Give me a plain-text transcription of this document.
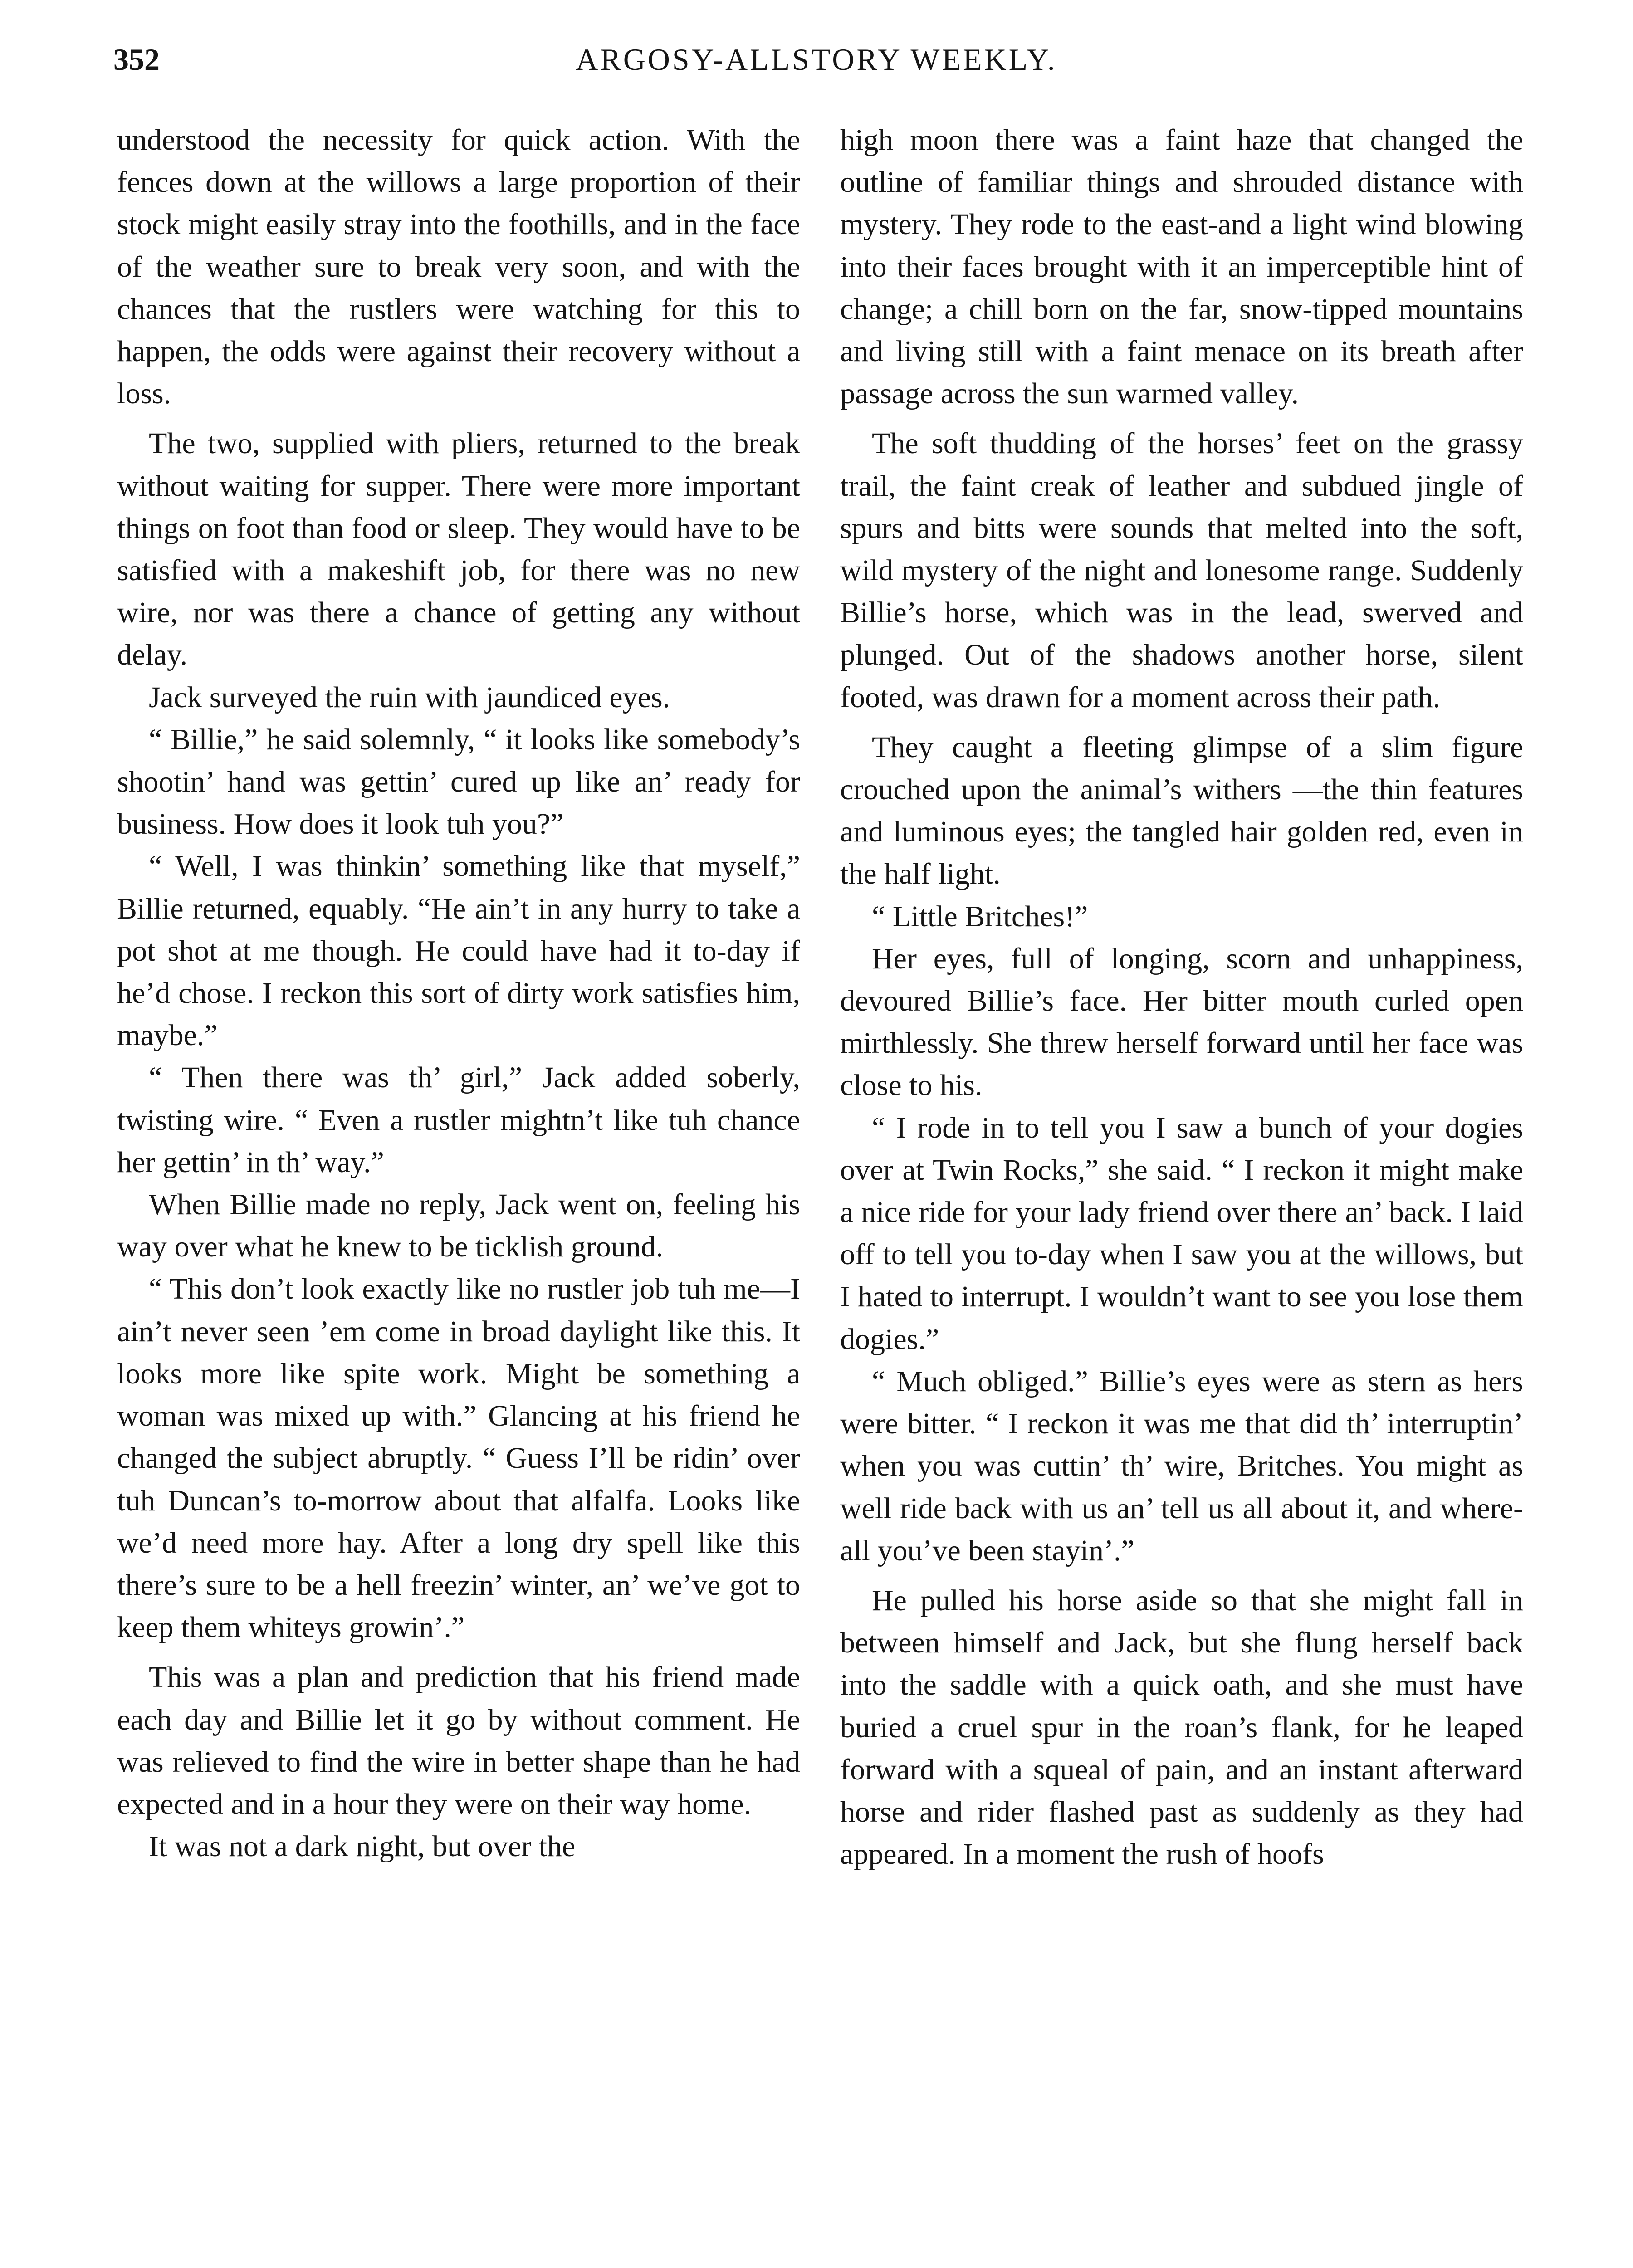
352	ARGOSY-ALLSTORY WEEKLY.

understood the necessity for quick action. With the fences down at the willows a large proportion of their stock might easily stray into the foothills, and in the face of the weather sure to break very soon, and with the chances that the rustlers were watching for this to happen, the odds were against their recovery without a loss.

The two, supplied with pliers, returned to the break without waiting for supper. There were more important things on foot than food or sleep. They would have to be satisfied with a makeshift job, for there was no new wire, nor was there a chance of getting any without delay.

Jack surveyed the ruin with jaundiced eyes.

“ Billie,” he said solemnly, “ it looks like somebody’s shootin’ hand was gettin’ cured up like an’ ready for business. How does it look tuh you?”

“ Well, I was thinkin’ something like that myself,” Billie returned, equably. “He ain’t in any hurry to take a pot shot at me though. He could have had it to-day if he’d chose. I reckon this sort of dirty work satisfies him, maybe.”

“ Then there was th’ girl,” Jack added soberly, twisting wire. “ Even a rustler mightn’t like tuh chance her gettin’ in th’ way.”

When Billie made no reply, Jack went on, feeling his way over what he knew to be ticklish ground.

“ This don’t look exactly like no rustler job tuh me—I ain’t never seen ’em come in broad daylight like this. It looks more like spite work. Might be something a woman was mixed up with.” Glancing at his friend he changed the subject abruptly. “ Guess I’ll be ridin’ over tuh Duncan’s to-morrow about that alfalfa. Looks like we’d need more hay. After a long dry spell like this there’s sure to be a hell freezin’ winter, an’ we’ve got to keep them whiteys growin’.”

This was a plan and prediction that his friend made each day and Billie let it go by without comment. He was relieved to find the wire in better shape than he had expected and in a hour they were on their way home.

It was not a dark night, but over the

high moon there was a faint haze that changed the outline of familiar things and shrouded distance with mystery. They rode to the east-and a light wind blowing into their faces brought with it an imperceptible hint of change; a chill born on the far, snow-tipped mountains and living still with a faint menace on its breath after passage across the sun warmed valley.

The soft thudding of the horses’ feet on the grassy trail, the faint creak of leather and subdued jingle of spurs and bitts were sounds that melted into the soft, wild mystery of the night and lonesome range. Suddenly Billie’s horse, which was in the lead, swerved and plunged. Out of the shadows another horse, silent footed, was drawn for a moment across their path.

They caught a fleeting glimpse of a slim figure crouched upon the animal’s withers —the thin features and luminous eyes; the tangled hair golden red, even in the half light.

“ Little Britches!”

Her eyes, full of longing, scorn and unhappiness, devoured Billie’s face. Her bitter mouth curled open mirthlessly. She threw herself forward until her face was close to his.

“ I rode in to tell you I saw a bunch of your dogies over at Twin Rocks,” she said. “ I reckon it might make a nice ride for your lady friend over there an’ back. I laid off to tell you to-day when I saw you at the willows, but I hated to interrupt. I wouldn’t want to see you lose them dogies.”

“ Much obliged.” Billie’s eyes were as stern as hers were bitter. “ I reckon it was me that did th’ interruptin’ when you was cuttin’ th’ wire, Britches. You might as well ride back with us an’ tell us all about it, and where-all you’ve been stayin’.”

He pulled his horse aside so that she might fall in between himself and Jack, but she flung herself back into the saddle with a quick oath, and she must have buried a cruel spur in the roan’s flank, for he leaped forward with a squeal of pain, and an instant afterward horse and rider flashed past as suddenly as they had appeared. In a moment the rush of hoofs
